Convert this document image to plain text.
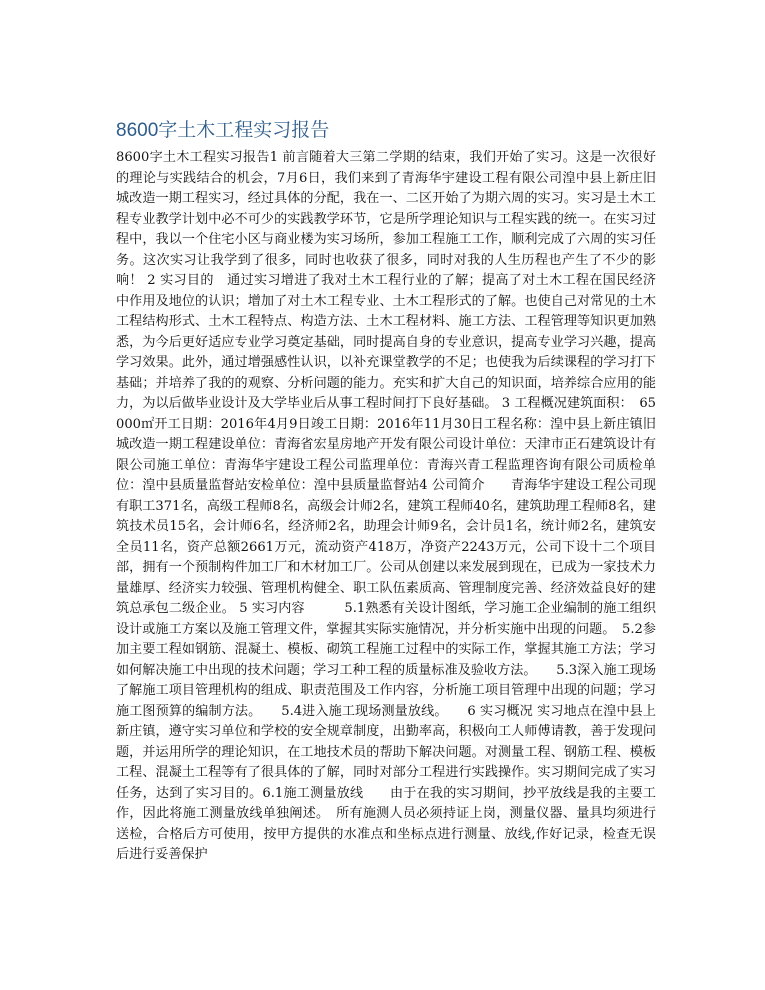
8600字土木工程实习报告

8600字土木工程实习报告1 前言随着大三第二学期的结束，我们开始了实习。这是一次很好的理论与实践结合的机会，7月6日，我们来到了青海华宇建设工程有限公司湟中县上新庄旧城改造一期工程实习，经过具体的分配，我在一、二区开始了为期六周的实习。实习是土木工程专业教学计划中必不可少的实践教学环节，它是所学理论知识与工程实践的统一。在实习过程中，我以一个住宅小区与商业楼为实习场所，参加工程施工工作，顺利完成了六周的实习任务。这次实习让我学到了很多，同时也收获了很多，同时对我的人生历程也产生了不少的影响！ 2 实习目的　通过实习增进了我对土木工程行业的了解；提高了对土木工程在国民经济中作用及地位的认识；增加了对土木工程专业、土木工程形式的了解。也使自己对常见的土木工程结构形式、土木工程特点、构造方法、土木工程材料、施工方法、工程管理等知识更加熟悉，为今后更好适应专业学习奠定基础，同时提高自身的专业意识，提高专业学习兴趣，提高学习效果。此外，通过增强感性认识，以补充课堂教学的不足；也使我为后续课程的学习打下基础；并培养了我的的观察、分析问题的能力。充实和扩大自己的知识面，培养综合应用的能力，为以后做毕业设计及大学毕业后从事工程时间打下良好基础。 3 工程概况建筑面积：　65000㎡开工日期：2016年4月9日竣工日期：2016年11月30日工程名称：湟中县上新庄镇旧城改造一期工程建设单位：青海省宏星房地产开发有限公司设计单位：天津市正石建筑设计有限公司施工单位：青海华宇建设工程公司监理单位：青海兴青工程监理咨询有限公司质检单位：湟中县质量监督站安检单位：湟中县质量监督站4 公司简介　　青海华宇建设工程公司现有职工371名，高级工程师8名，高级会计师2名，建筑工程师40名，建筑助理工程师8名，建筑技术员15名，会计师6名，经济师2名，助理会计师9名，会计员1名，统计师2名，建筑安全员11名，资产总额2661万元，流动资产418万，净资产2243万元，公司下设十二个项目部，拥有一个预制构件加工厂和木材加工厂。公司从创建以来发展到现在，已成为一家技术力量雄厚、经济实力较强、管理机构健全、职工队伍素质高、管理制度完善、经济效益良好的建筑总承包二级企业。 5 实习内容　　　5.1熟悉有关设计图纸，学习施工企业编制的施工组织设计或施工方案以及施工管理文件，掌握其实际实施情况，并分析实施中出现的问题。　5.2参加主要工程如钢筋、混凝土、模板、砌筑工程施工过程中的实际工作，掌握其施工方法；学习如何解决施工中出现的技术问题；学习工种工程的质量标准及验收方法。　　5.3深入施工现场了解施工项目管理机构的组成、职责范围及工作内容，分析施工项目管理中出现的问题；学习施工图预算的编制方法。　　5.4进入施工现场测量放线。　　6 实习概况 实习地点在湟中县上新庄镇，遵守实习单位和学校的安全规章制度，出勤率高，积极向工人师傅请教，善于发现问题，并运用所学的理论知识，在工地技术员的帮助下解决问题。对测量工程、钢筋工程、模板工程、混凝土工程等有了很具体的了解，同时对部分工程进行实践操作。实习期间完成了实习任务，达到了实习目的。6.1施工测量放线　　由于在我的实习期间，抄平放线是我的主要工作，因此将施工测量放线单独阐述。　所有施测人员必须持证上岗，测量仪器、量具均须进行送检，合格后方可使用，按甲方提供的水准点和坐标点进行测量、放线,作好记录，检查无误后进行妥善保护
